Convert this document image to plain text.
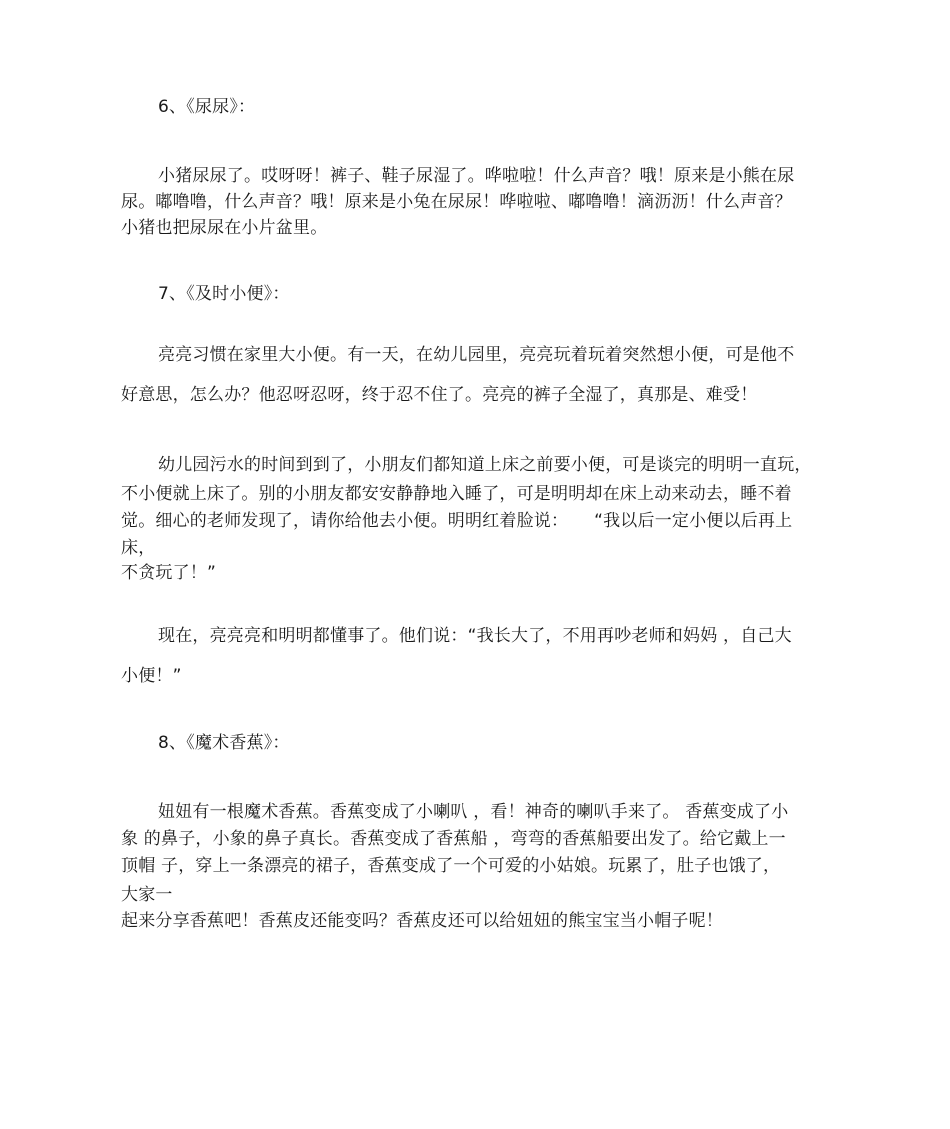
6、《尿尿》：
小猪尿尿了。哎呀呀！裤子、鞋子尿湿了。哗啦啦！什么声音？哦！原来是小熊在尿
尿。嘟噜噜，什么声音？哦！原来是小兔在尿尿！哗啦啦、嘟噜噜！滴沥沥！什么声音？
小猪也把尿尿在小片盆里。
7、《及时小便》：
亮亮习惯在家里大小便。有一天，在幼儿园里，亮亮玩着玩着突然想小便，可是他不
好意思，怎么办？他忍呀忍呀，终于忍不住了。亮亮的裤子全湿了，真那是、难受！
幼儿园污水的时间到到了，小朋友们都知道上床之前要小便，可是谈完的明明一直玩，
不小便就上床了。别的小朋友都安安静静地入睡了，可是明明却在床上动来动去，睡不着
觉。细心的老师发现了，请你给他去小便。明明红着脸说：　　“我以后一定小便以后再上
床，
不贪玩了！”
现在，亮亮亮和明明都懂事了。他们说：“我长大了，不用再吵老师和妈妈 ，自己大
小便！”
8、《魔术香蕉》：
妞妞有一根魔术香蕉。香蕉变成了小喇叭 ，看！神奇的喇叭手来了。 香蕉变成了小
象 的鼻子，小象的鼻子真长。香蕉变成了香蕉船 ，弯弯的香蕉船要出发了。给它戴上一
顶帽 子，穿上一条漂亮的裙子，香蕉变成了一个可爱的小姑娘。玩累了，肚子也饿了，
大家一
起来分享香蕉吧！香蕉皮还能变吗？香蕉皮还可以给妞妞的熊宝宝当小帽子呢！
